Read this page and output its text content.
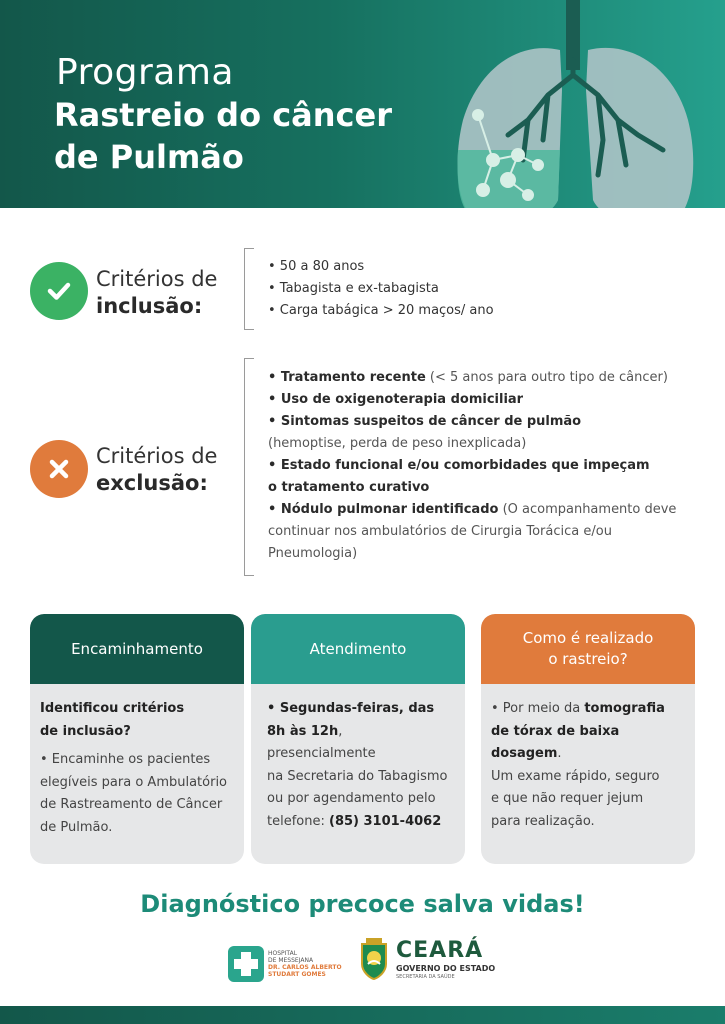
Programa
Rastreio do câncer
de Pulmão
Critérios de
inclusão:
• 50 a 80 anos
• Tabagista e ex-tabagista
• Carga tabágica > 20 maços/ ano
Critérios de
exclusão:
• Tratamento recente (< 5 anos para outro tipo de câncer)
• Uso de oxigenoterapia domiciliar
• Sintomas suspeitos de câncer de pulmão
(hemoptise, perda de peso inexplicada)
• Estado funcional e/ou comorbidades que impeçam
o tratamento curativo
• Nódulo pulmonar identificado (O acompanhamento deve
continuar nos ambulatórios de Cirurgia Torácica e/ou
Pneumologia)
Encaminhamento
Identificou critérios
de inclusão?
• Encaminhe os pacientes
elegíveis para o Ambulatório
de Rastreamento de Câncer
de Pulmão.
Atendimento
• Segundas-feiras, das
8h às 12h, presencialmente
na Secretaria do Tabagismo
ou por agendamento pelo
telefone: (85) 3101-4062
Como é realizado
o rastreio?
• Por meio da tomografia
de tórax de baixa dosagem.
Um exame rápido, seguro
e que não requer jejum
para realização.
Diagnóstico precoce salva vidas!
HOSPITAL
DE MESSEJANA
DR. CARLOS ALBERTO
STUDART GOMES
CEARÁ
GOVERNO DO ESTADO
SECRETARIA DA SAÚDE
